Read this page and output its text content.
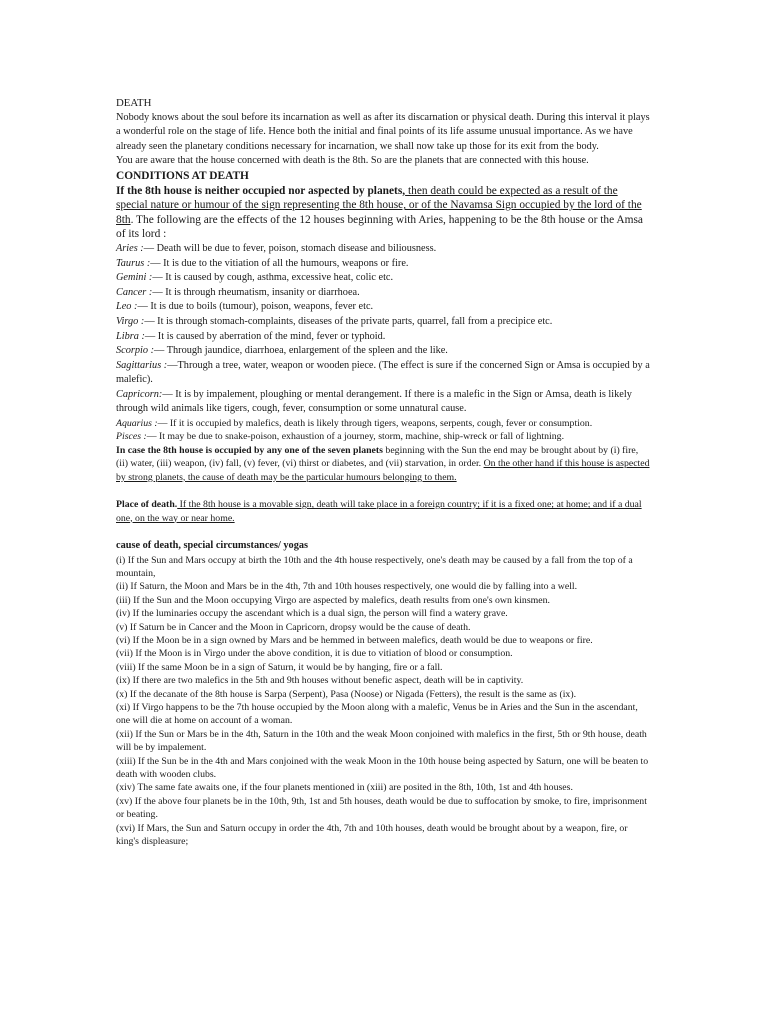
DEATH

Nobody knows about the soul before its incarnation as well as after its discarnation or physical death. During this interval it plays a wonderful role on the stage of life. Hence both the initial and final points of its life assume unusual importance. As we have already seen the planetary conditions necessary for incarnation, we shall now take up those for its exit from the body.

You are aware that the house concerned with death is the 8th. So are the planets that are connected with this house.

CONDITIONS AT DEATH

If the 8th house is neither occupied nor aspected by planets, then death could be expected as a result of the special nature or humour of the sign representing the 8th house, or of the Navamsa Sign occupied by the lord of the 8th. The following are the effects of the 12 houses beginning with Aries, happening to be the 8th house or the Amsa of its lord :

Aries :— Death will be due to fever, poison, stomach disease and biliousness.

Taurus :— It is due to the vitiation of all the humours, weapons or fire.

Gemini :— It is caused by cough, asthma, excessive heat, colic etc.

Cancer :— It is through rheumatism, insanity or diarrhoea.

Leo :— It is due to boils (tumour), poison, weapons, fever etc.

Virgo :— It is through stomach-complaints, diseases of the private parts, quarrel, fall from a precipice etc.

Libra :— It is caused by aberration of the mind, fever or typhoid.

Scorpio :— Through jaundice, diarrhoea, enlargement of the spleen and the like.

Sagittarius :—Through a tree, water, weapon or wooden piece. (The effect is sure if the concerned Sign or Amsa is occupied by a malefic).

Capricorn:— It is by impalement, ploughing or mental derangement. If there is a malefic in the Sign or Amsa, death is likely through wild animals like tigers, cough, fever, consumption or some unnatural cause.

Aquarius :— If it is occupied by malefics, death is likely through tigers, weapons, serpents, cough, fever or consumption.

Pisces :— It may be due to snake-poison, exhaustion of a journey, storm, machine, ship-wreck or fall of lightning.

In case the 8th house is occupied by any one of the seven planets beginning with the Sun the end may be brought about by (i) fire, (ii) water, (iii) weapon, (iv) fall, (v) fever, (vi) thirst or diabetes, and (vii) starvation, in order. On the other hand if this house is aspected by strong planets, the cause of death may be the particular humours belonging to them.

Place of death. If the 8th house is a movable sign, death will take place in a foreign country; if it is a fixed one; at home; and if a dual one, on the way or near home.

cause of death, special circumstances/ yogas

(i) If the Sun and Mars occupy at birth the 10th and the 4th house respectively, one's death may be caused by a fall from the top of a mountain,

(ii) If Saturn, the Moon and Mars be in the 4th, 7th and 10th houses respectively, one would die by falling into a well.

(iii) If the Sun and the Moon occupying Virgo are aspected by malefics, death results from one's own kinsmen.

(iv) If the luminaries occupy the ascendant which is a dual sign, the person will find a watery grave.

(v) If Saturn be in Cancer and the Moon in Capricorn, dropsy would be the cause of death.

(vi) If the Moon be in a sign owned by Mars and be hemmed in between malefics, death would be due to weapons or fire.

(vii) If the Moon is in Virgo under the above condition, it is due to vitiation of blood or consumption.

(viii) If the same Moon be in a sign of Saturn, it would be by hanging, fire or a fall.

(ix) If there are two malefics in the 5th and 9th houses without benefic aspect, death will be in captivity.

(x) If the decanate of the 8th house is Sarpa (Serpent), Pasa (Noose) or Nigada (Fetters), the result is the same as (ix).

(xi) If Virgo happens to be the 7th house occupied by the Moon along with a malefic, Venus be in Aries and the Sun in the ascendant, one will die at home on account of a woman.

(xii) If the Sun or Mars be in the 4th, Saturn in the 10th and the weak Moon conjoined with malefics in the first, 5th or 9th house, death will be by impalement.

(xiii) If the Sun be in the 4th and Mars conjoined with the weak Moon in the 10th house being aspected by Saturn, one will be beaten to death with wooden clubs.

(xiv) The same fate awaits one, if the four planets mentioned in (xiii) are posited in the 8th, 10th, 1st and 4th houses.

(xv) If the above four planets be in the 10th, 9th, 1st and 5th houses, death would be due to suffocation by smoke, to fire, imprisonment or beating.

(xvi) If Mars, the Sun and Saturn occupy in order the 4th, 7th and 10th houses, death would be brought about by a weapon, fire, or king's displeasure;
